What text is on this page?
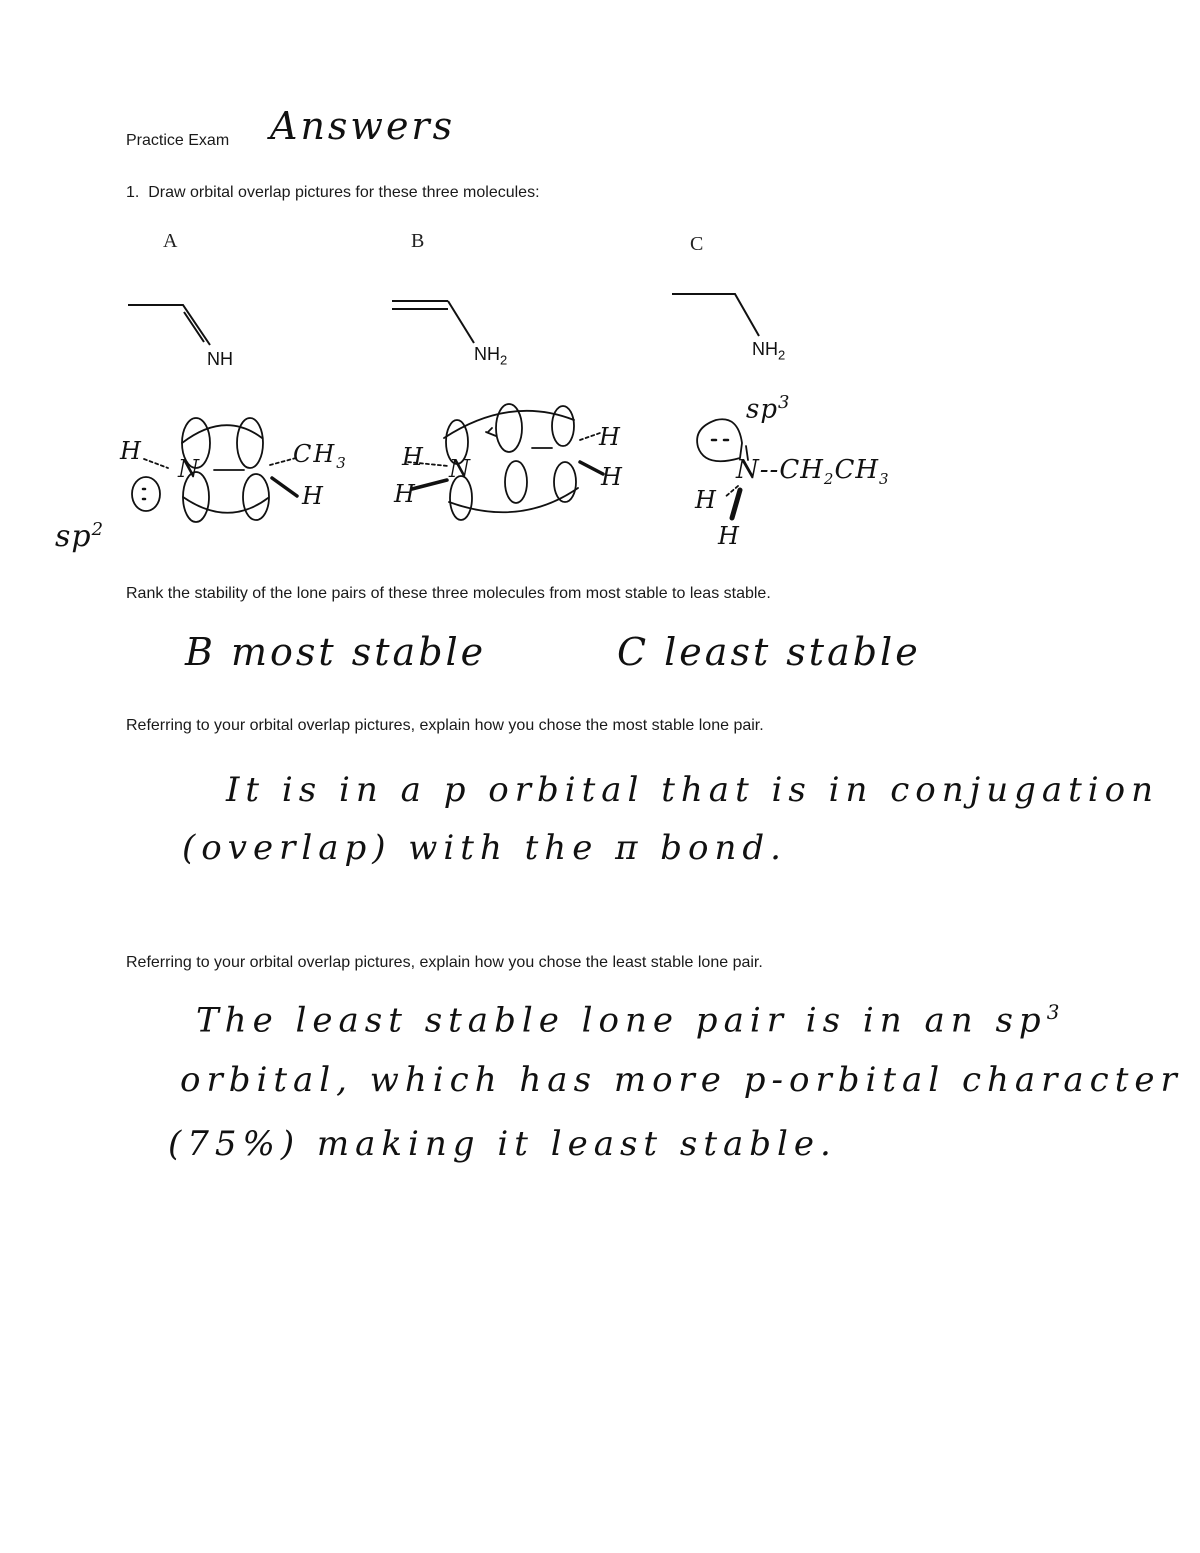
Practice Exam Answers
1. Draw orbital overlap pictures for these three molecules:
A	B	C
NH	$NH_2$
$NH_2$
$sp^2$
H
N
$CH_3$
H
H
H
N
H
H
$sp^3$
$N--CH_2CH_3$
H
H
Rank the stability of the lone pairs of these three molecules from most stable to leas stable.
B most stable	C least stable
Referring to your orbital overlap pictures, explain how you chose the most stable lone pair.
It is in a p orbital that is in conjugation
(overlap) with the π bond.
Referring to your orbital overlap pictures, explain how you chose the least stable lone pair.
The least stable lone pair is in an $sp^3$
orbital, which has more p-orbital character
(75%) making it least stable.
